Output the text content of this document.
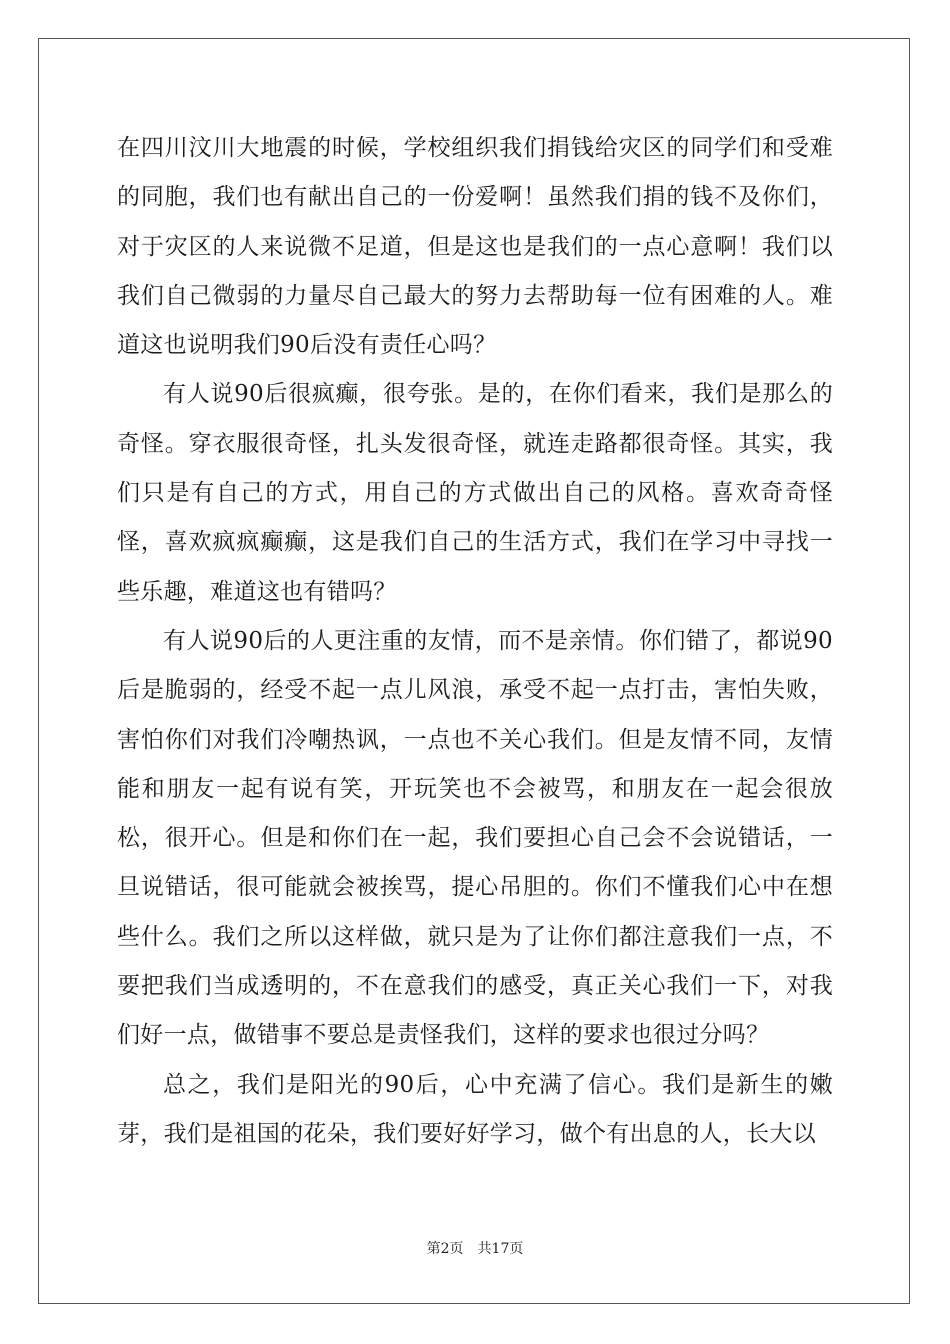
在四川汶川大地震的时候，学校组织我们捐钱给灾区的同学们和受难的同胞，我们也有献出自己的一份爱啊！虽然我们捐的钱不及你们，对于灾区的人来说微不足道，但是这也是我们的一点心意啊！我们以我们自己微弱的力量尽自己最大的努力去帮助每一位有困难的人。难道这也说明我们90后没有责任心吗？

有人说90后很疯癫，很夸张。是的，在你们看来，我们是那么的奇怪。穿衣服很奇怪，扎头发很奇怪，就连走路都很奇怪。其实，我们只是有自己的方式，用自己的方式做出自己的风格。喜欢奇奇怪怪，喜欢疯疯癫癫，这是我们自己的生活方式，我们在学习中寻找一些乐趣，难道这也有错吗？

有人说90后的人更注重的友情，而不是亲情。你们错了，都说90后是脆弱的，经受不起一点儿风浪，承受不起一点打击，害怕失败，害怕你们对我们冷嘲热讽，一点也不关心我们。但是友情不同，友情能和朋友一起有说有笑，开玩笑也不会被骂，和朋友在一起会很放松，很开心。但是和你们在一起，我们要担心自己会不会说错话，一旦说错话，很可能就会被挨骂，提心吊胆的。你们不懂我们心中在想些什么。我们之所以这样做，就只是为了让你们都注意我们一点，不要把我们当成透明的，不在意我们的感受，真正关心我们一下，对我们好一点，做错事不要总是责怪我们，这样的要求也很过分吗？

总之，我们是阳光的90后，心中充满了信心。我们是新生的嫩芽，我们是祖国的花朵，我们要好好学习，做个有出息的人，长大以

第2页 共17页
